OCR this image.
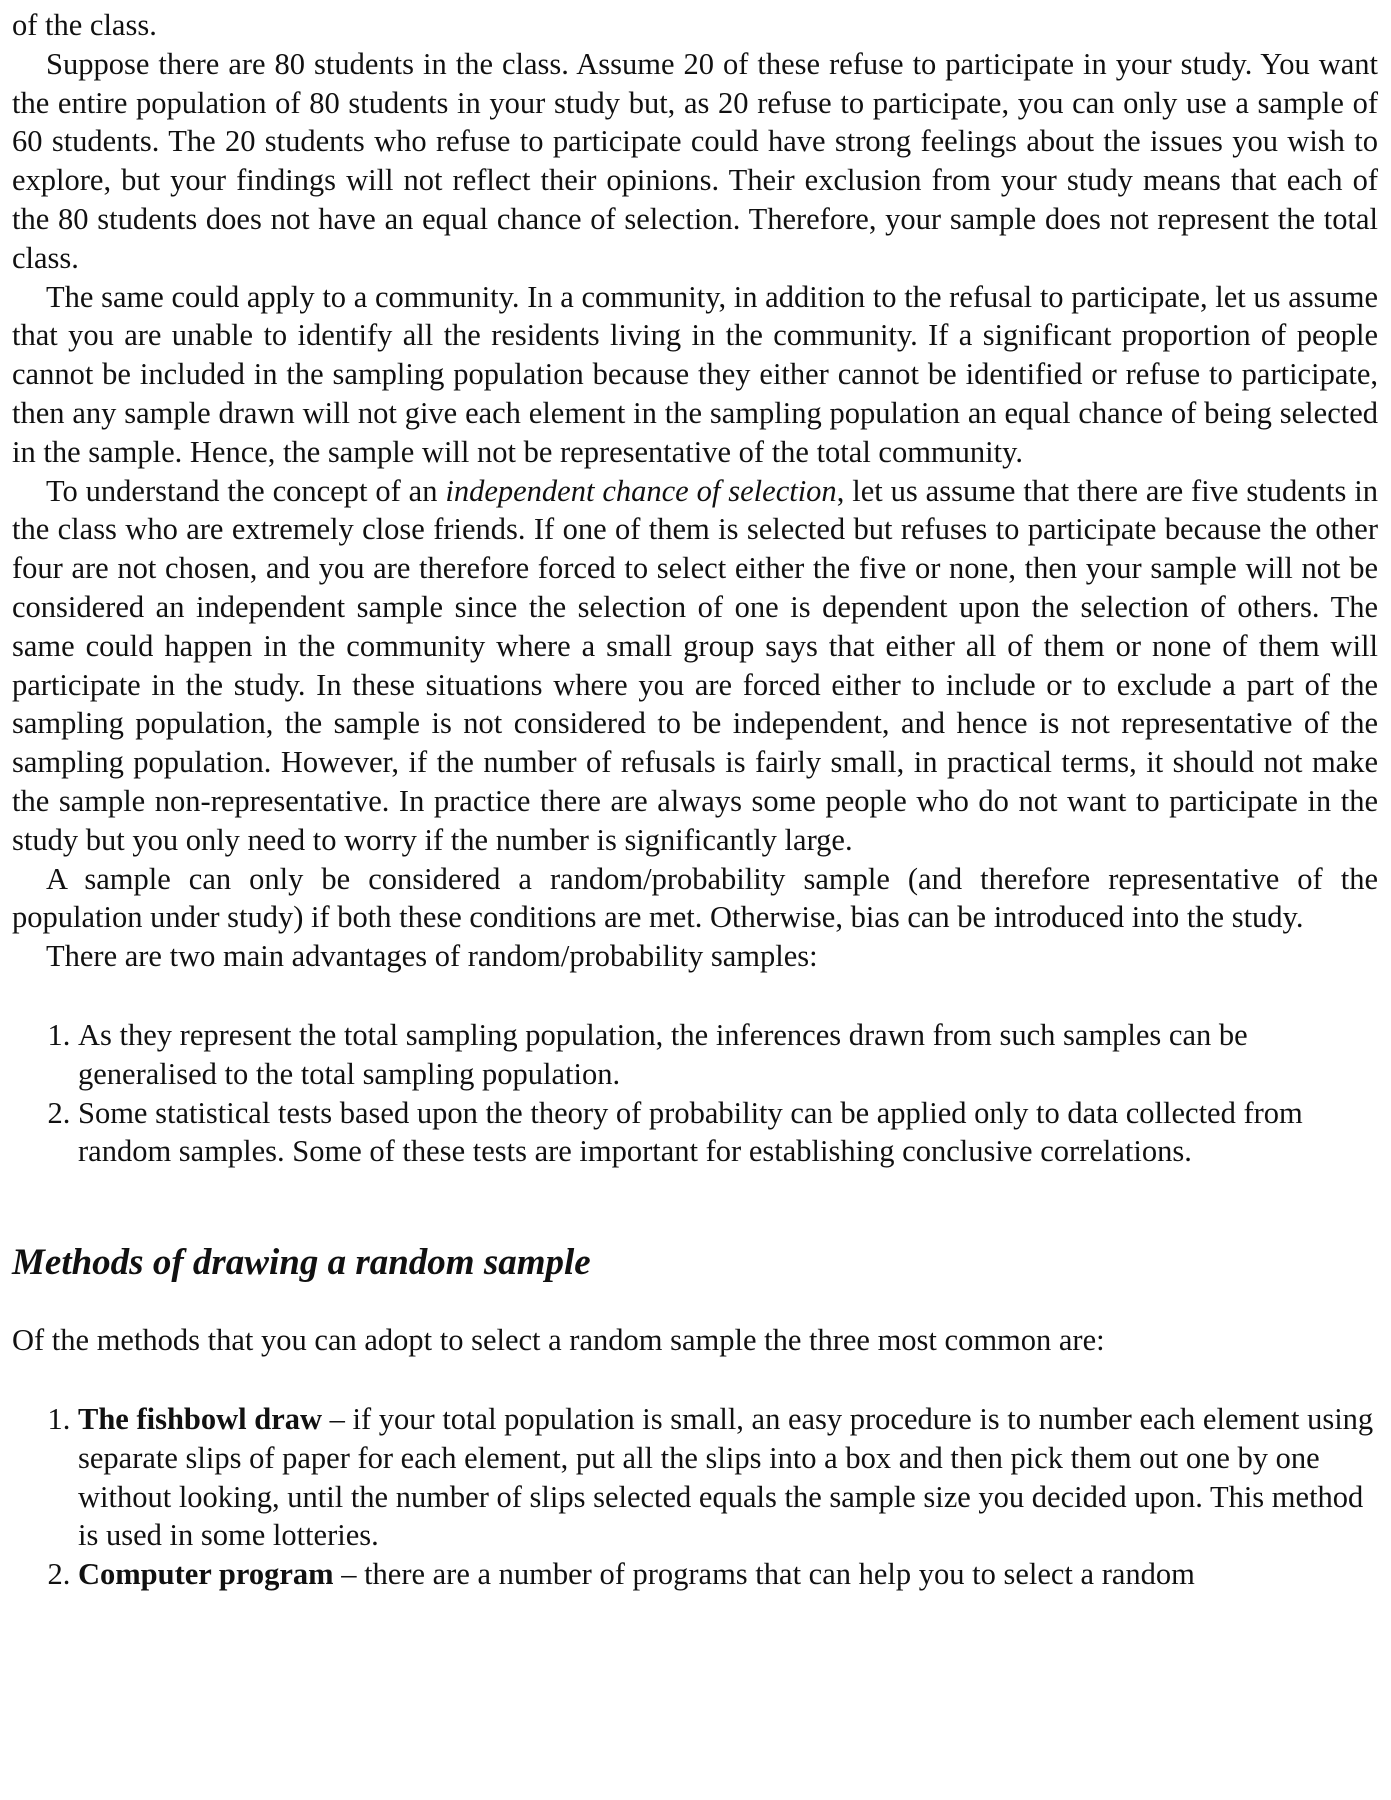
of the class.

Suppose there are 80 students in the class. Assume 20 of these refuse to participate in your study. You want the entire population of 80 students in your study but, as 20 refuse to participate, you can only use a sample of 60 students. The 20 students who refuse to participate could have strong feelings about the issues you wish to explore, but your findings will not reflect their opinions. Their exclusion from your study means that each of the 80 students does not have an equal chance of selection. Therefore, your sample does not represent the total class.

The same could apply to a community. In a community, in addition to the refusal to participate, let us assume that you are unable to identify all the residents living in the community. If a significant proportion of people cannot be included in the sampling population because they either cannot be identified or refuse to participate, then any sample drawn will not give each element in the sampling population an equal chance of being selected in the sample. Hence, the sample will not be representative of the total community.

To understand the concept of an independent chance of selection, let us assume that there are five students in the class who are extremely close friends. If one of them is selected but refuses to participate because the other four are not chosen, and you are therefore forced to select either the five or none, then your sample will not be considered an independent sample since the selection of one is dependent upon the selection of others. The same could happen in the community where a small group says that either all of them or none of them will participate in the study. In these situations where you are forced either to include or to exclude a part of the sampling population, the sample is not considered to be independent, and hence is not representative of the sampling population. However, if the number of refusals is fairly small, in practical terms, it should not make the sample non-representative. In practice there are always some people who do not want to participate in the study but you only need to worry if the number is significantly large.

A sample can only be considered a random/probability sample (and therefore representative of the population under study) if both these conditions are met. Otherwise, bias can be introduced into the study.

There are two main advantages of random/probability samples:

1. As they represent the total sampling population, the inferences drawn from such samples can be generalised to the total sampling population.
2. Some statistical tests based upon the theory of probability can be applied only to data collected from random samples. Some of these tests are important for establishing conclusive correlations.

Methods of drawing a random sample

Of the methods that you can adopt to select a random sample the three most common are:

1. The fishbowl draw – if your total population is small, an easy procedure is to number each element using separate slips of paper for each element, put all the slips into a box and then pick them out one by one without looking, until the number of slips selected equals the sample size you decided upon. This method is used in some lotteries.

2. Computer program – there are a number of programs that can help you to select a random
